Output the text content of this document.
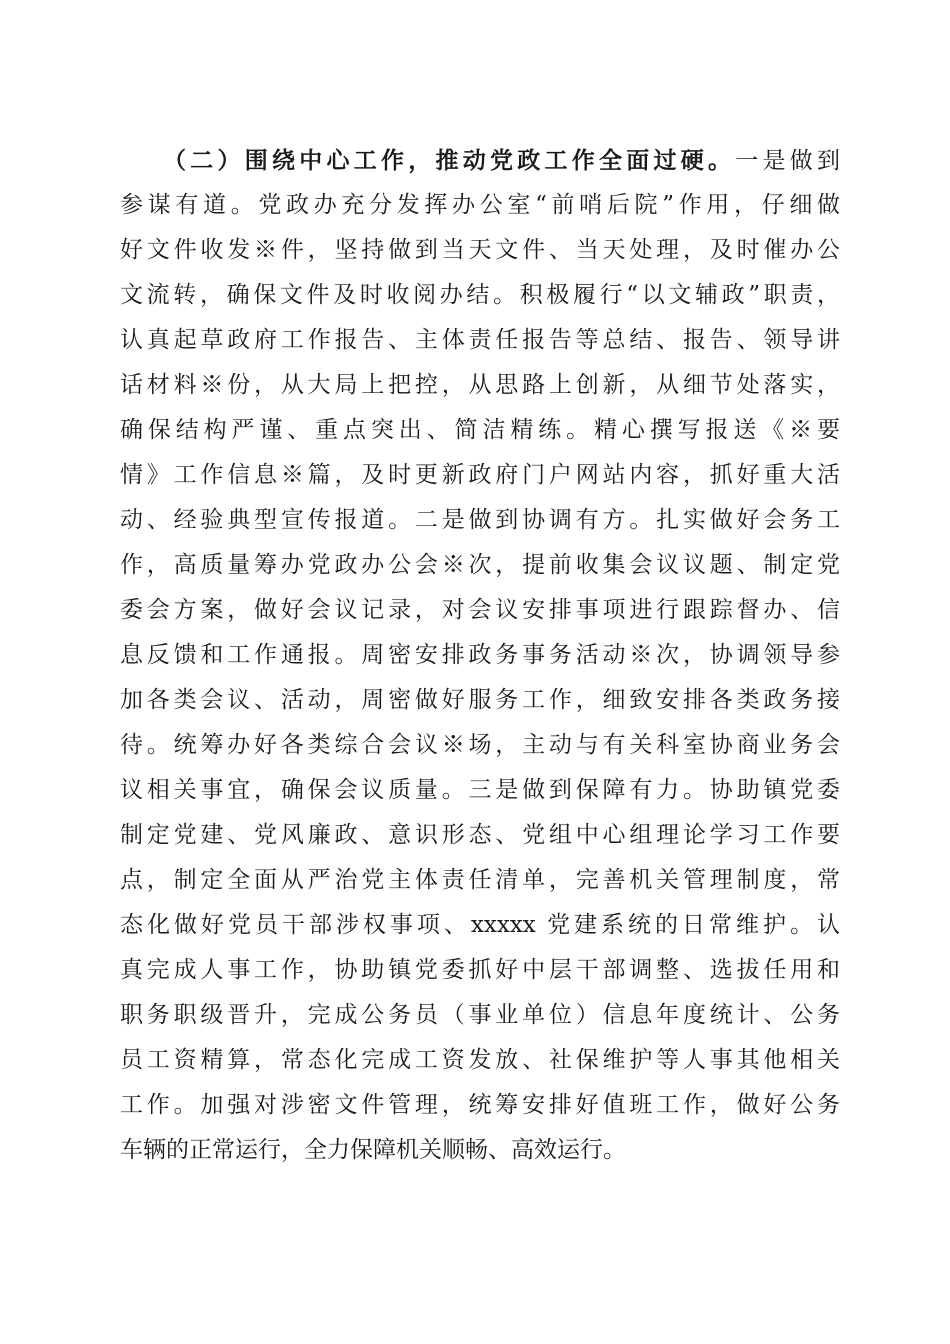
　　（二）围绕中心工作，推动党政工作全面过硬。一是做到
参谋有道。党政办充分发挥办公室“前哨后院”作用，仔细做
好文件收发※件，坚持做到当天文件、当天处理，及时催办公
文流转，确保文件及时收阅办结。积极履行“以文辅政”职责，
认真起草政府工作报告、主体责任报告等总结、报告、领导讲
话材料※份，从大局上把控，从思路上创新，从细节处落实，
确保结构严谨、重点突出、简洁精练。精心撰写报送《※要
情》工作信息※篇，及时更新政府门户网站内容，抓好重大活
动、经验典型宣传报道。二是做到协调有方。扎实做好会务工
作，高质量筹办党政办公会※次，提前收集会议议题、制定党
委会方案，做好会议记录，对会议安排事项进行跟踪督办、信
息反馈和工作通报。周密安排政务事务活动※次，协调领导参
加各类会议、活动，周密做好服务工作，细致安排各类政务接
待。统筹办好各类综合会议※场，主动与有关科室协商业务会
议相关事宜，确保会议质量。三是做到保障有力。协助镇党委
制定党建、党风廉政、意识形态、党组中心组理论学习工作要
点，制定全面从严治党主体责任清单，完善机关管理制度，常
态化做好党员干部涉权事项、xxxxx 党建系统的日常维护。认
真完成人事工作，协助镇党委抓好中层干部调整、选拔任用和
职务职级晋升，完成公务员（事业单位）信息年度统计、公务
员工资精算，常态化完成工资发放、社保维护等人事其他相关
工作。加强对涉密文件管理，统筹安排好值班工作，做好公务
车辆的正常运行，全力保障机关顺畅、高效运行。
